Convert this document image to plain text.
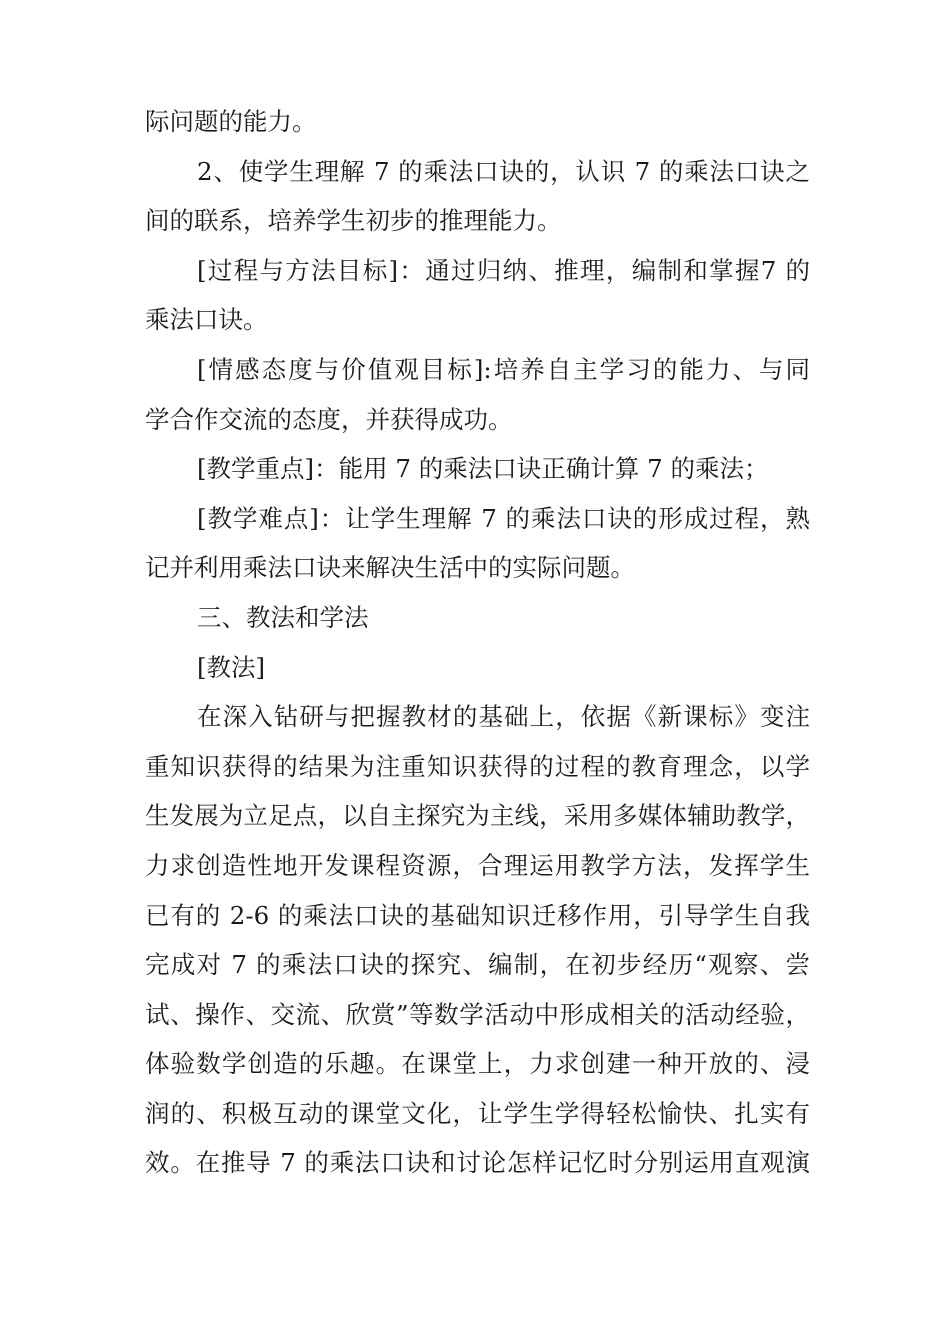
际问题的能力。
2、使学生理解 7 的乘法口诀的，认识 7 的乘法口诀之
间的联系，培养学生初步的推理能力。
[过程与方法目标]：通过归纳、推理，编制和掌握7 的
乘法口诀。
[情感态度与价值观目标]:培养自主学习的能力、与同
学合作交流的态度，并获得成功。
[教学重点]：能用 7 的乘法口诀正确计算 7 的乘法；
[教学难点]：让学生理解 7 的乘法口诀的形成过程，熟
记并利用乘法口诀来解决生活中的实际问题。
三、教法和学法
[教法]
在深入钻研与把握教材的基础上，依据《新课标》变注
重知识获得的结果为注重知识获得的过程的教育理念，以学
生发展为立足点，以自主探究为主线，采用多媒体辅助教学，
力求创造性地开发课程资源，合理运用教学方法，发挥学生
已有的 2-6 的乘法口诀的基础知识迁移作用，引导学生自我
完成对 7 的乘法口诀的探究、编制，在初步经历“观察、尝
试、操作、交流、欣赏”等数学活动中形成相关的活动经验，
体验数学创造的乐趣。在课堂上，力求创建一种开放的、浸
润的、积极互动的课堂文化，让学生学得轻松愉快、扎实有
效。在推导 7 的乘法口诀和讨论怎样记忆时分别运用直观演
